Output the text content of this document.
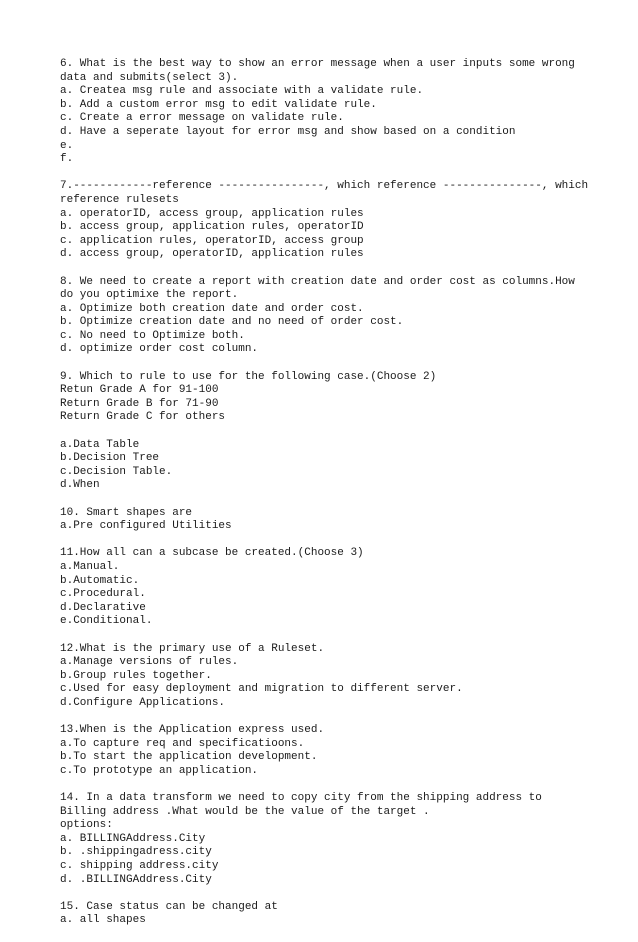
6. What is the best way to show an error message when a user inputs some wrong
data and submits(select 3).
a. Createa msg rule and associate with a validate rule.
b. Add a custom error msg to edit validate rule.
c. Create a error message on validate rule.
d. Have a seperate layout for error msg and show based on a condition
e.
f.
7.------------reference ----------------, which reference ---------------, which
reference rulesets
a. operatorID, access group, application rules
b. access group, application rules, operatorID
c. application rules, operatorID, access group
d. access group, operatorID, application rules
8. We need to create a report with creation date and order cost as columns.How
do you optimixe the report.
a. Optimize both creation date and order cost.
b. Optimize creation date and no need of order cost.
c. No need to Optimize both.
d. optimize order cost column.
9. Which to rule to use for the following case.(Choose 2)
Retun Grade A for 91-100
Return Grade B for 71-90
Return Grade C for others
a.Data Table
b.Decision Tree
c.Decision Table.
d.When
10. Smart shapes are
a.Pre configured Utilities
11.How all can a subcase be created.(Choose 3)
a.Manual.
b.Automatic.
c.Procedural.
d.Declarative
e.Conditional.
12.What is the primary use of a Ruleset.
a.Manage versions of rules.
b.Group rules together.
c.Used for easy deployment and migration to different server.
d.Configure Applications.
13.When is the Application express used.
a.To capture req and specificatioons.
b.To start the application development.
c.To prototype an application.
14. In a data transform we need to copy city from the shipping address to
Billing address .What would be the value of the target .
options:
a. BILLINGAddress.City
b. .shippingadress.city
c. shipping address.city
d. .BILLINGAddress.City
15. Case status can be changed at
a. all shapes
